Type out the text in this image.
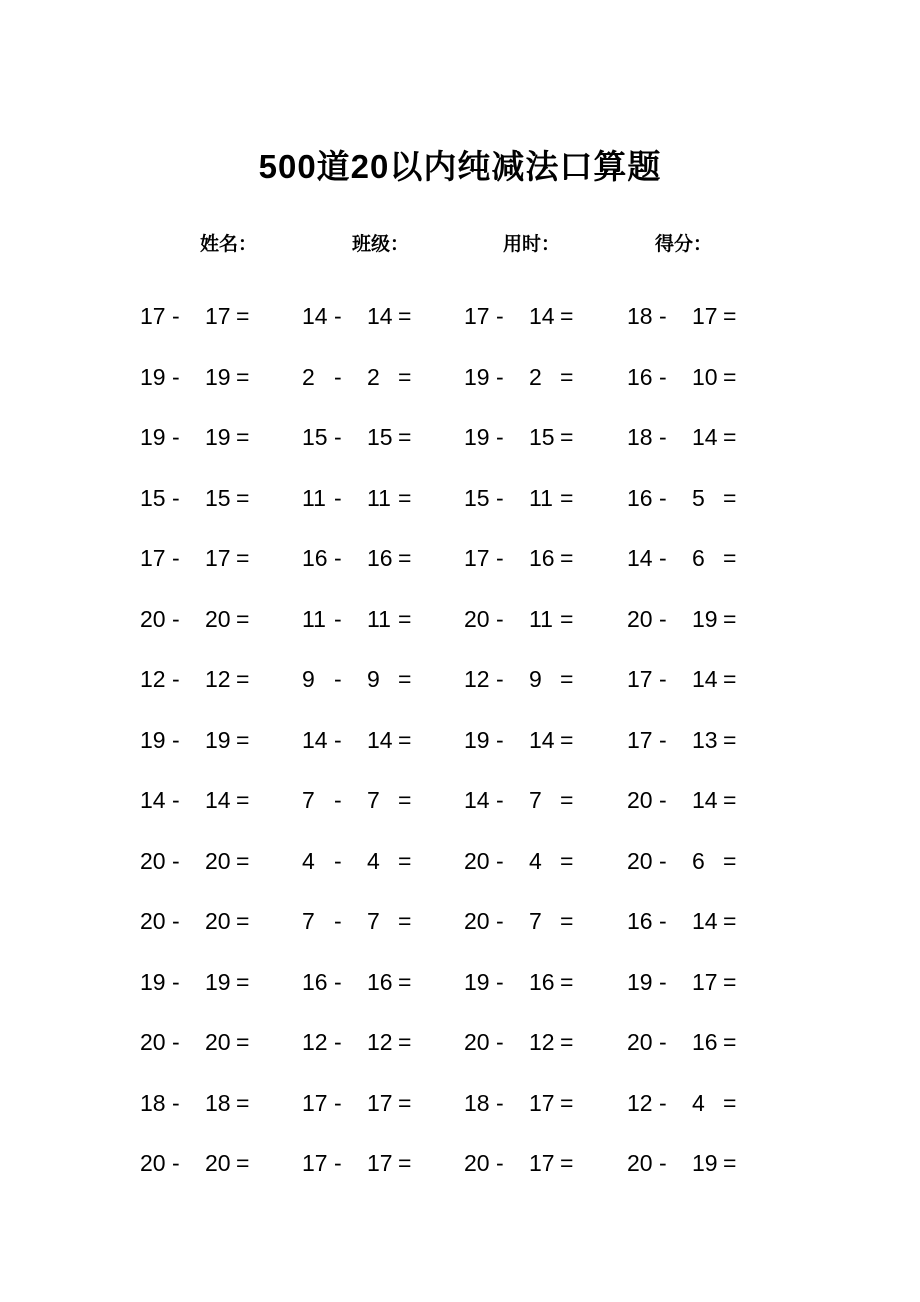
500道20以内纯减法口算题
姓名：	班级：	用时：	得分：
17 - 17 = 14 - 14 = 17 - 14 = 18 - 17 =
19 - 19 = 2 - 2 = 19 - 2 = 16 - 10 =
19 - 19 = 15 - 15 = 19 - 15 = 18 - 14 =
15 - 15 = 11 - 11 = 15 - 11 = 16 - 5 =
17 - 17 = 16 - 16 = 17 - 16 = 14 - 6 =
20 - 20 = 11 - 11 = 20 - 11 = 20 - 19 =
12 - 12 = 9 - 9 = 12 - 9 = 17 - 14 =
19 - 19 = 14 - 14 = 19 - 14 = 17 - 13 =
14 - 14 = 7 - 7 = 14 - 7 = 20 - 14 =
20 - 20 = 4 - 4 = 20 - 4 = 20 - 6 =
20 - 20 = 7 - 7 = 20 - 7 = 16 - 14 =
19 - 19 = 16 - 16 = 19 - 16 = 19 - 17 =
20 - 20 = 12 - 12 = 20 - 12 = 20 - 16 =
18 - 18 = 17 - 17 = 18 - 17 = 12 - 4 =
20 - 20 = 17 - 17 = 20 - 17 = 20 - 19 =
